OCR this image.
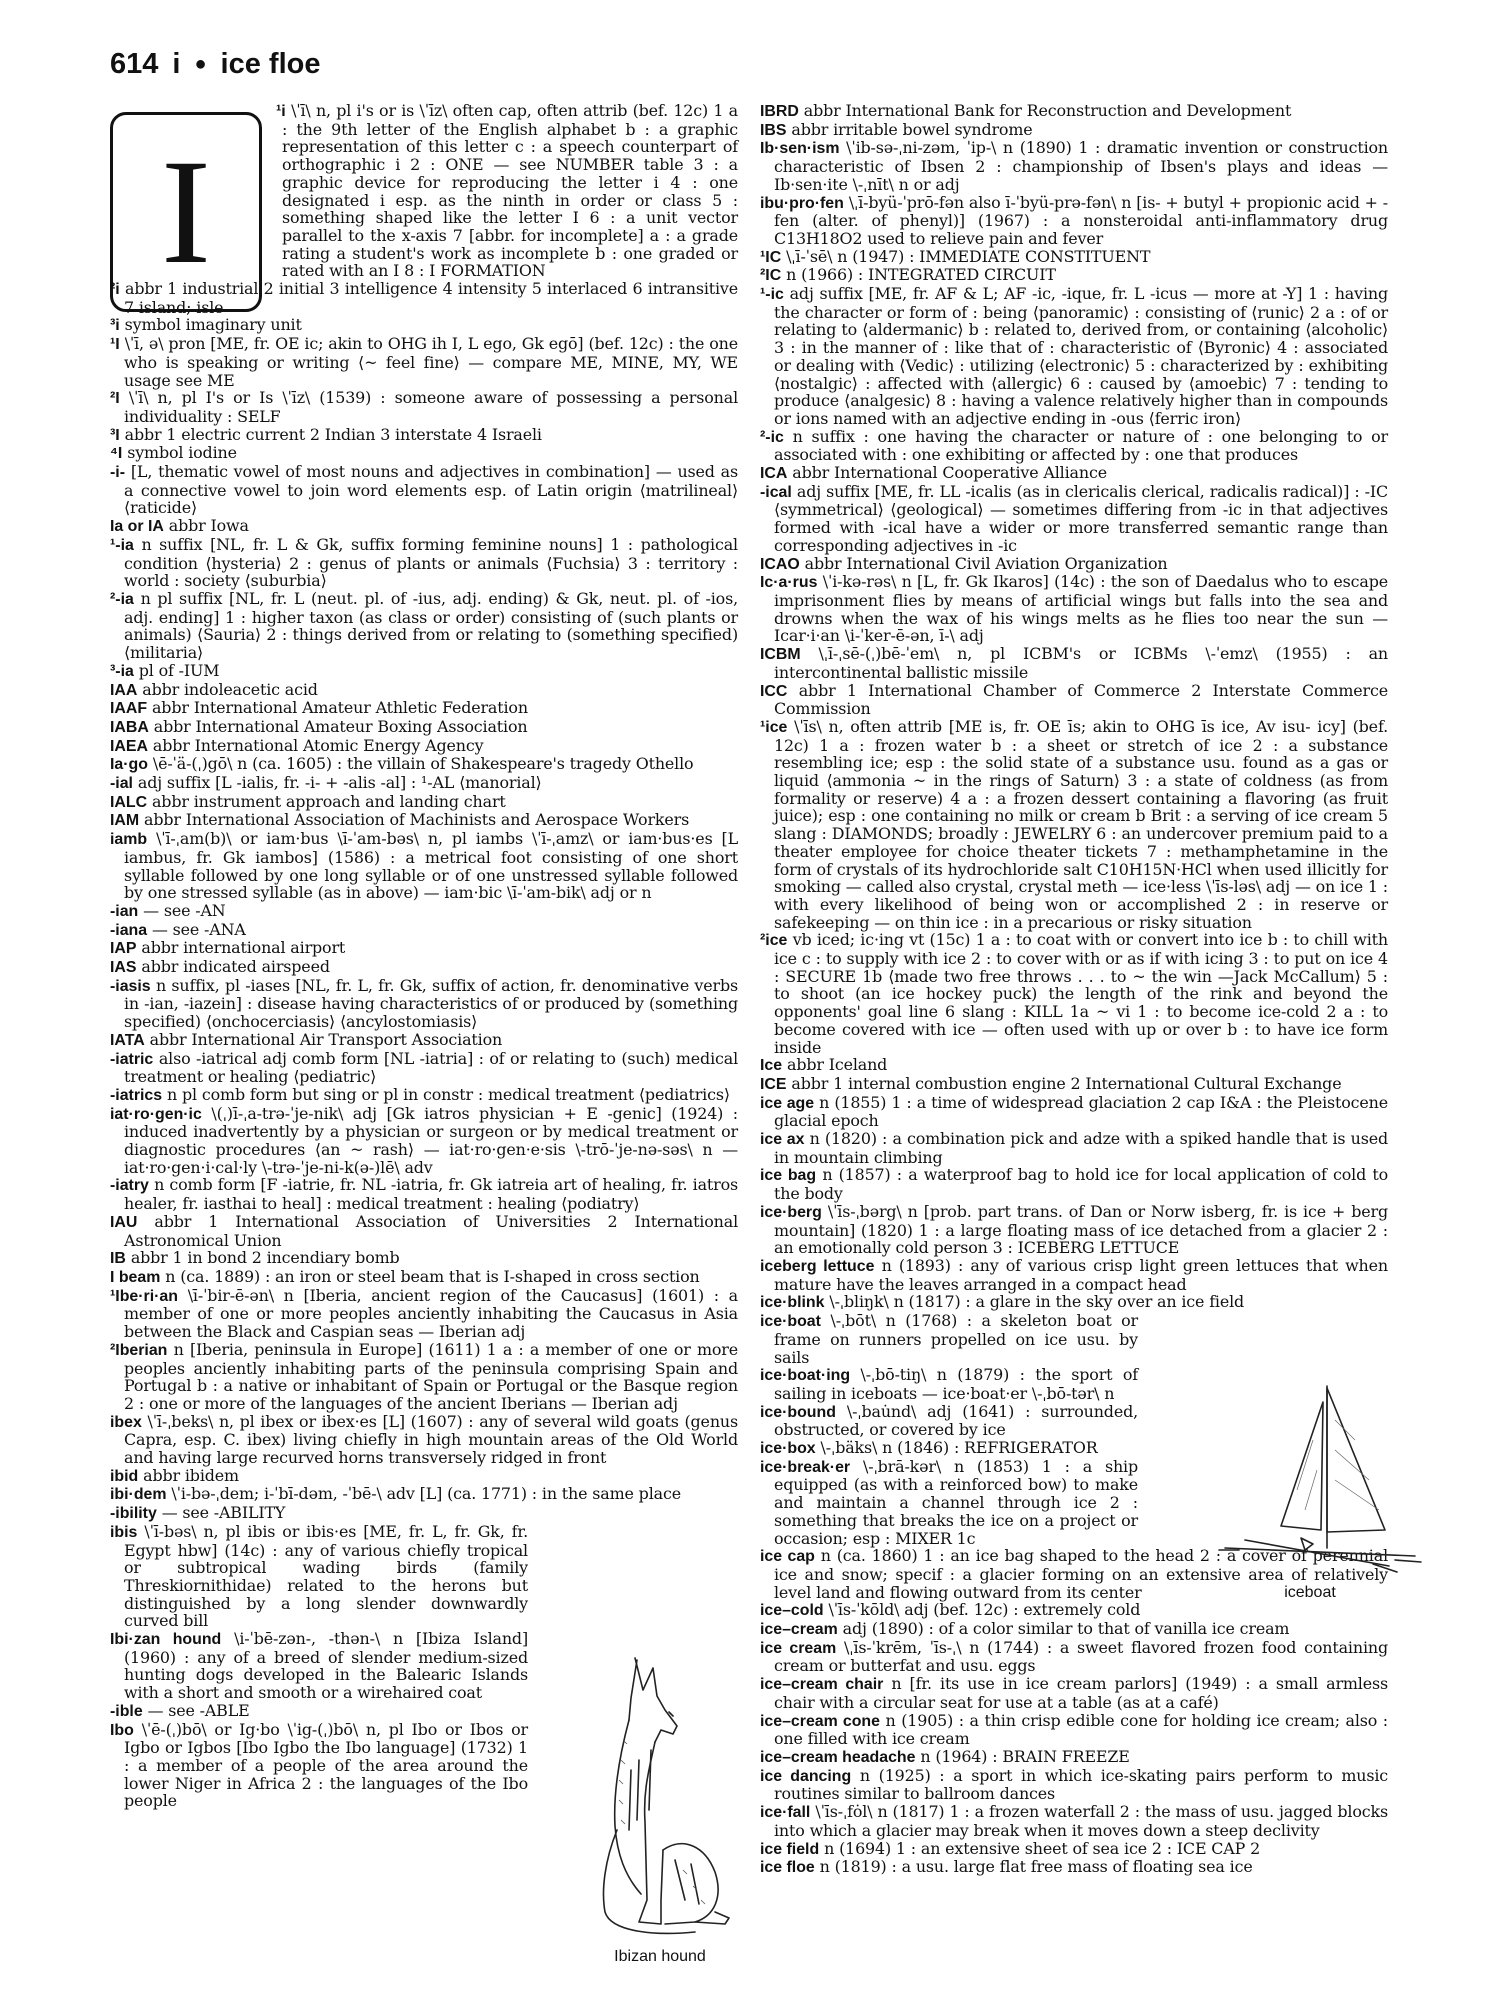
614 i ● ice floe
I

¹i \ˈī\ n, pl i's or is \ˈīz\ often cap, often attrib (bef. 12c) 1 a : the 9th letter of the English alphabet b : a graphic representation of this letter c : a speech counterpart of orthographic i 2 : ONE — see NUMBER table 3 : a graphic device for reproducing the letter i 4 : one designated i esp. as the ninth in order or class 5 : something shaped like the letter I 6 : a unit vector parallel to the x-axis 7 [abbr. for incomplete] a : a grade rating a student's work as incomplete b : one graded or rated with an I 8 : I FORMATION

²i abbr 1 industrial 2 initial 3 intelligence 4 intensity 5 interlaced 6 intransitive 7 island; isle

³i symbol imaginary unit

¹I \ˈī, ə\ pron [ME, fr. OE ic; akin to OHG ih I, L ego, Gk egō] (bef. 12c) : the one who is speaking or writing ⟨~ feel fine⟩ — compare ME, MINE, MY, WE usage see ME

²I \ˈī\ n, pl I's or Is \ˈīz\ (1539) : someone aware of possessing a personal individuality : SELF

³I abbr 1 electric current 2 Indian 3 interstate 4 Israeli

⁴I symbol iodine

-i- [L, thematic vowel of most nouns and adjectives in combination] — used as a connective vowel to join word elements esp. of Latin origin ⟨matrilineal⟩ ⟨raticide⟩

Ia or IA abbr Iowa

¹-ia n suffix [NL, fr. L & Gk, suffix forming feminine nouns] 1 : pathological condition ⟨hysteria⟩ 2 : genus of plants or animals ⟨Fuchsia⟩ 3 : territory : world : society ⟨suburbia⟩

²-ia n pl suffix [NL, fr. L (neut. pl. of -ius, adj. ending) & Gk, neut. pl. of -ios, adj. ending] 1 : higher taxon (as class or order) consisting of (such plants or animals) ⟨Sauria⟩ 2 : things derived from or relating to (something specified) ⟨militaria⟩

³-ia pl of -IUM

IAA abbr indoleacetic acid

IAAF abbr International Amateur Athletic Federation

IABA abbr International Amateur Boxing Association

IAEA abbr International Atomic Energy Agency

Ia·go \ē-ˈä-(ˌ)gō\ n (ca. 1605) : the villain of Shakespeare's tragedy Othello

-ial adj suffix [L -ialis, fr. -i- + -alis -al] : ¹-AL ⟨manorial⟩

IALC abbr instrument approach and landing chart

IAM abbr International Association of Machinists and Aerospace Workers

iamb \ˈī-ˌam(b)\ or iam·bus \ī-ˈam-bəs\ n, pl iambs \ˈī-ˌamz\ or iam·bus·es [L iambus, fr. Gk iambos] (1586) : a metrical foot consisting of one short syllable followed by one long syllable or of one unstressed syllable followed by one stressed syllable (as in above) — iam·bic \ī-ˈam-bik\ adj or n

-ian — see -AN

-iana — see -ANA

IAP abbr international airport

IAS abbr indicated airspeed

-iasis n suffix, pl -iases [NL, fr. L, fr. Gk, suffix of action, fr. denominative verbs in -ian, -iazein] : disease having characteristics of or produced by (something specified) ⟨onchocerciasis⟩ ⟨ancylostomiasis⟩

IATA abbr International Air Transport Association

-iatric also -iatrical adj comb form [NL -iatria] : of or relating to (such) medical treatment or healing ⟨pediatric⟩

-iatrics n pl comb form but sing or pl in constr : medical treatment ⟨pediatrics⟩

iat·ro·gen·ic \(ˌ)ī-ˌa-trə-ˈje-nik\ adj [Gk iatros physician + E -genic] (1924) : induced inadvertently by a physician or surgeon or by medical treatment or diagnostic procedures ⟨an ~ rash⟩ — iat·ro·gen·e·sis \-trō-ˈje-nə-səs\ n — iat·ro·gen·i·cal·ly \-trə-ˈje-ni-k(ə-)lē\ adv

-iatry n comb form [F -iatrie, fr. NL -iatria, fr. Gk iatreia art of healing, fr. iatros healer, fr. iasthai to heal] : medical treatment : healing ⟨podiatry⟩

IAU abbr 1 International Association of Universities 2 International Astronomical Union

IB abbr 1 in bond 2 incendiary bomb

I beam n (ca. 1889) : an iron or steel beam that is I-shaped in cross section

¹Ibe·ri·an \ī-ˈbir-ē-ən\ n [Iberia, ancient region of the Caucasus] (1601) : a member of one or more peoples anciently inhabiting the Caucasus in Asia between the Black and Caspian seas — Iberian adj

²Iberian n [Iberia, peninsula in Europe] (1611) 1 a : a member of one or more peoples anciently inhabiting parts of the peninsula comprising Spain and Portugal b : a native or inhabitant of Spain or Portugal or the Basque region 2 : one or more of the languages of the ancient Iberians — Iberian adj

ibex \ˈī-ˌbeks\ n, pl ibex or ibex·es [L] (1607) : any of several wild goats (genus Capra, esp. C. ibex) living chiefly in high mountain areas of the Old World and having large recurved horns transversely ridged in front

ibid abbr ibidem

ibi·dem \ˈi-bə-ˌdem; i-ˈbī-dəm, -ˈbē-\ adv [L] (ca. 1771) : in the same place

-ibility — see -ABILITY

ibis \ˈī-bəs\ n, pl ibis or ibis·es [ME, fr. L, fr. Gk, fr. Egypt hbw] (14c) : any of various chiefly tropical or subtropical wading birds (family Threskiornithidae) related to the herons but distinguished by a long slender downwardly curved bill

Ibi·zan hound \i-ˈbē-zən-, -thən-\ n [Ibiza Island] (1960) : any of a breed of slender medium-sized hunting dogs developed in the Balearic Islands with a short and smooth or a wirehaired coat

-ible — see -ABLE

Ibo \ˈē-(ˌ)bō\ or Ig·bo \ˈig-(ˌ)bō\ n, pl Ibo or Ibos or Igbo or Igbos [Ibo Igbo the Ibo language] (1732) 1 : a member of a people of the area around the lower Niger in Africa 2 : the languages of the Ibo people

IBRD abbr International Bank for Reconstruction and Development

IBS abbr irritable bowel syndrome

Ib·sen·ism \ˈib-sə-ˌni-zəm, ˈip-\ n (1890) 1 : dramatic invention or construction characteristic of Ibsen 2 : championship of Ibsen's plays and ideas — Ib·sen·ite \-ˌnīt\ n or adj

ibu·pro·fen \ˌī-byü-ˈprō-fən also ī-ˈbyü-prə-fən\ n [is- + butyl + propionic acid + -fen (alter. of phenyl)] (1967) : a nonsteroidal anti-inflammatory drug C13H18O2 used to relieve pain and fever

¹IC \ˌī-ˈsē\ n (1947) : IMMEDIATE CONSTITUENT

²IC n (1966) : INTEGRATED CIRCUIT

¹-ic adj suffix [ME, fr. AF & L; AF -ic, -ique, fr. L -icus — more at -Y] 1 : having the character or form of : being ⟨panoramic⟩ : consisting of ⟨runic⟩ 2 a : of or relating to ⟨aldermanic⟩ b : related to, derived from, or containing ⟨alcoholic⟩ 3 : in the manner of : like that of : characteristic of ⟨Byronic⟩ 4 : associated or dealing with ⟨Vedic⟩ : utilizing ⟨electronic⟩ 5 : characterized by : exhibiting ⟨nostalgic⟩ : affected with ⟨allergic⟩ 6 : caused by ⟨amoebic⟩ 7 : tending to produce ⟨analgesic⟩ 8 : having a valence relatively higher than in compounds or ions named with an adjective ending in -ous ⟨ferric iron⟩

²-ic n suffix : one having the character or nature of : one belonging to or associated with : one exhibiting or affected by : one that produces

ICA abbr International Cooperative Alliance

-ical adj suffix [ME, fr. LL -icalis (as in clericalis clerical, radicalis radical)] : -IC ⟨symmetrical⟩ ⟨geological⟩ — sometimes differing from -ic in that adjectives formed with -ical have a wider or more transferred semantic range than corresponding adjectives in -ic

ICAO abbr International Civil Aviation Organization

Ic·a·rus \ˈi-kə-rəs\ n [L, fr. Gk Ikaros] (14c) : the son of Daedalus who to escape imprisonment flies by means of artificial wings but falls into the sea and drowns when the wax of his wings melts as he flies too near the sun — Icar·i·an \i-ˈker-ē-ən, ī-\ adj

ICBM \ˌī-ˌsē-(ˌ)bē-ˈem\ n, pl ICBM's or ICBMs \-ˈemz\ (1955) : an intercontinental ballistic missile

ICC abbr 1 International Chamber of Commerce 2 Interstate Commerce Commission

¹ice \ˈīs\ n, often attrib [ME is, fr. OE īs; akin to OHG īs ice, Av isu- icy] (bef. 12c) 1 a : frozen water b : a sheet or stretch of ice 2 : a substance resembling ice; esp : the solid state of a substance usu. found as a gas or liquid ⟨ammonia ~ in the rings of Saturn⟩ 3 : a state of coldness (as from formality or reserve) 4 a : a frozen dessert containing a flavoring (as fruit juice); esp : one containing no milk or cream b Brit : a serving of ice cream 5 slang : DIAMONDS; broadly : JEWELRY 6 : an undercover premium paid to a theater employee for choice theater tickets 7 : methamphetamine in the form of crystals of its hydrochloride salt C10H15N·HCl when used illicitly for smoking — called also crystal, crystal meth — ice·less \ˈīs-ləs\ adj — on ice 1 : with every likelihood of being won or accomplished 2 : in reserve or safekeeping — on thin ice : in a precarious or risky situation

²ice vb iced; ic·ing vt (15c) 1 a : to coat with or convert into ice b : to chill with ice c : to supply with ice 2 : to cover with or as if with icing 3 : to put on ice 4 : SECURE 1b ⟨made two free throws . . . to ~ the win —Jack McCallum⟩ 5 : to shoot (an ice hockey puck) the length of the rink and beyond the opponents' goal line 6 slang : KILL 1a ~ vi 1 : to become ice-cold 2 a : to become covered with ice — often used with up or over b : to have ice form inside

Ice abbr Iceland

ICE abbr 1 internal combustion engine 2 International Cultural Exchange

ice age n (1855) 1 : a time of widespread glaciation 2 cap I&A : the Pleistocene glacial epoch

ice ax n (1820) : a combination pick and adze with a spiked handle that is used in mountain climbing

ice bag n (1857) : a waterproof bag to hold ice for local application of cold to the body

ice·berg \ˈīs-ˌbərg\ n [prob. part trans. of Dan or Norw isberg, fr. is ice + berg mountain] (1820) 1 : a large floating mass of ice detached from a glacier 2 : an emotionally cold person 3 : ICEBERG LETTUCE

iceberg lettuce n (1893) : any of various crisp light green lettuces that when mature have the leaves arranged in a compact head

ice·blink \-ˌbliŋk\ n (1817) : a glare in the sky over an ice field

ice·boat \-ˌbōt\ n (1768) : a skeleton boat or frame on runners propelled on ice usu. by sails

ice·boat·ing \-ˌbō-tiŋ\ n (1879) : the sport of sailing in iceboats — ice·boat·er \-ˌbō-tər\ n

ice·bound \-ˌbau̇nd\ adj (1641) : surrounded, obstructed, or covered by ice

ice·box \-ˌbäks\ n (1846) : REFRIGERATOR

ice·break·er \-ˌbrā-kər\ n (1853) 1 : a ship equipped (as with a reinforced bow) to make and maintain a channel through ice 2 : something that breaks the ice on a project or occasion; esp : MIXER 1c

ice cap n (ca. 1860) 1 : an ice bag shaped to the head 2 : a cover of perennial ice and snow; specif : a glacier forming on an extensive area of relatively level land and flowing outward from its center

ice–cold \ˈīs-ˈkōld\ adj (bef. 12c) : extremely cold

ice–cream adj (1890) : of a color similar to that of vanilla ice cream

ice cream \ˌīs-ˈkrēm, ˈīs-ˌ\ n (1744) : a sweet flavored frozen food containing cream or butterfat and usu. eggs

ice–cream chair n [fr. its use in ice cream parlors] (1949) : a small armless chair with a circular seat for use at a table (as at a café)

ice–cream cone n (1905) : a thin crisp edible cone for holding ice cream; also : one filled with ice cream

ice–cream headache n (1964) : BRAIN FREEZE

ice dancing n (1925) : a sport in which ice-skating pairs perform to music routines similar to ballroom dances

ice·fall \ˈīs-ˌfȯl\ n (1817) 1 : a frozen waterfall 2 : the mass of usu. jagged blocks into which a glacier may break when it moves down a steep declivity

ice field n (1694) 1 : an extensive sheet of sea ice 2 : ICE CAP 2

ice floe n (1819) : a usu. large flat free mass of floating sea ice

Ibizan hound
iceboat
